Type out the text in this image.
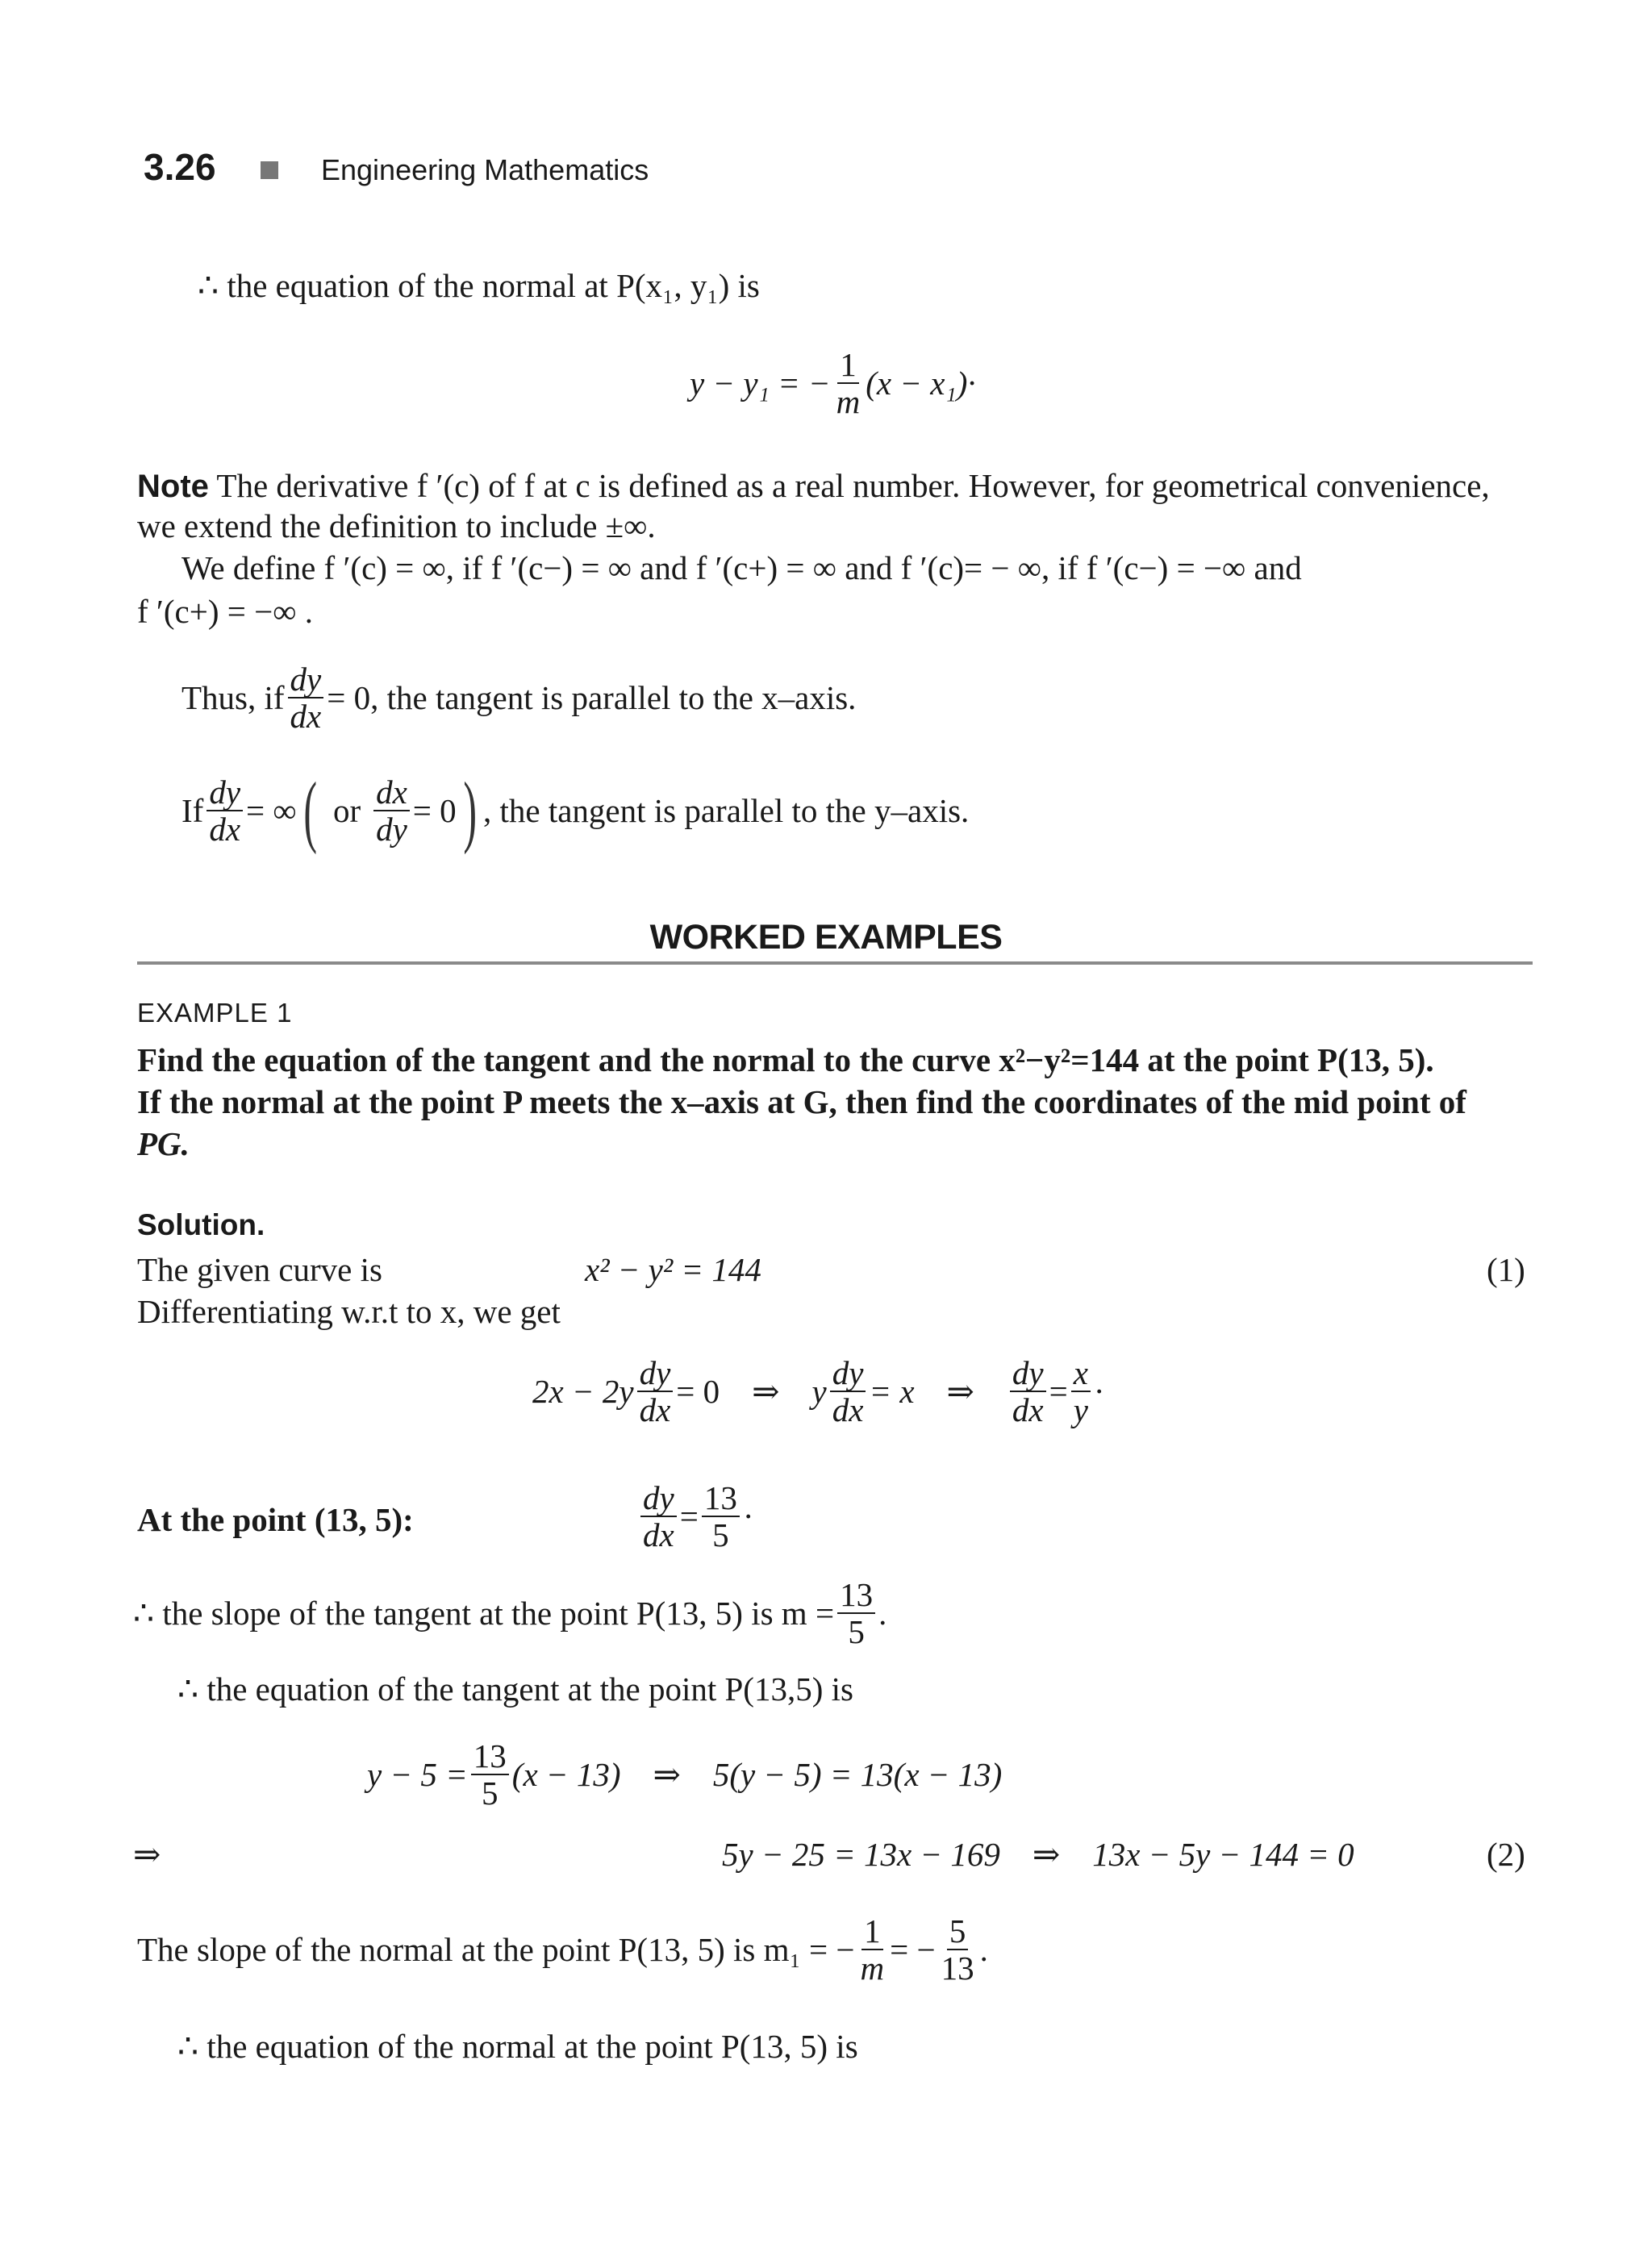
3.26	Engineering Mathematics
∴ the equation of the normal at P(x₁, y₁) is
y − y₁ = − $\frac{1}{m} (x - x_1)\cdot$
Note The derivative f ′(c) of f at c is defined as a real number. However, for geometrical convenience,
we extend the definition to include ±∞.
We define f ′(c) = ∞, if f ′(c−) = ∞ and f ′(c+) = ∞ and f ′(c)= − ∞, if f ′(c−) = −∞ and
f ′(c+) = −∞ .
Thus, if $\frac{dy}{dx} = 0$ , the tangent is parallel to the x–axis.
If $\frac{dy}{dx}$ = ∞ ( or $\frac{dx}{dy} = 0$ ) , the tangent is parallel to the y–axis.
WORKED EXAMPLES
EXAMPLE 1
Find the equation of the tangent and the normal to the curve x²−y²=144 at the point P(13, 5).
If the normal at the point P meets the x–axis at G, then find the coordinates of the mid point of
PG.
Solution.
The given curve is	x² − y² = 144	(1)
Differentiating w.r.t to x, we get
$2x - 2y \frac{dy}{dx} = 0$ ⇒ y $\frac{dy}{dx} = x$ ⇒ $\frac{dy}{dx} = \frac{x}{y}$ ·
At the point (13, 5):	$\frac{dy}{dx} = \frac{13}{5}$ ·
∴ the slope of the tangent at the point P(13, 5) is $m = \frac{13}{5}$ .
∴ the equation of the tangent at the point P(13,5) is
$y - 5 = \frac{13}{5} (x - 13)$ ⇒ 5(y − 5) = 13(x − 13)
⇒	5y − 25 = 13x − 169 ⇒ 13x − 5y − 144 = 0	(2)
The slope of the normal at the point P(13, 5) is m₁ = − $\frac{1}{m}$ = − $\frac{5}{13}$ .
∴ the equation of the normal at the point P(13, 5) is
